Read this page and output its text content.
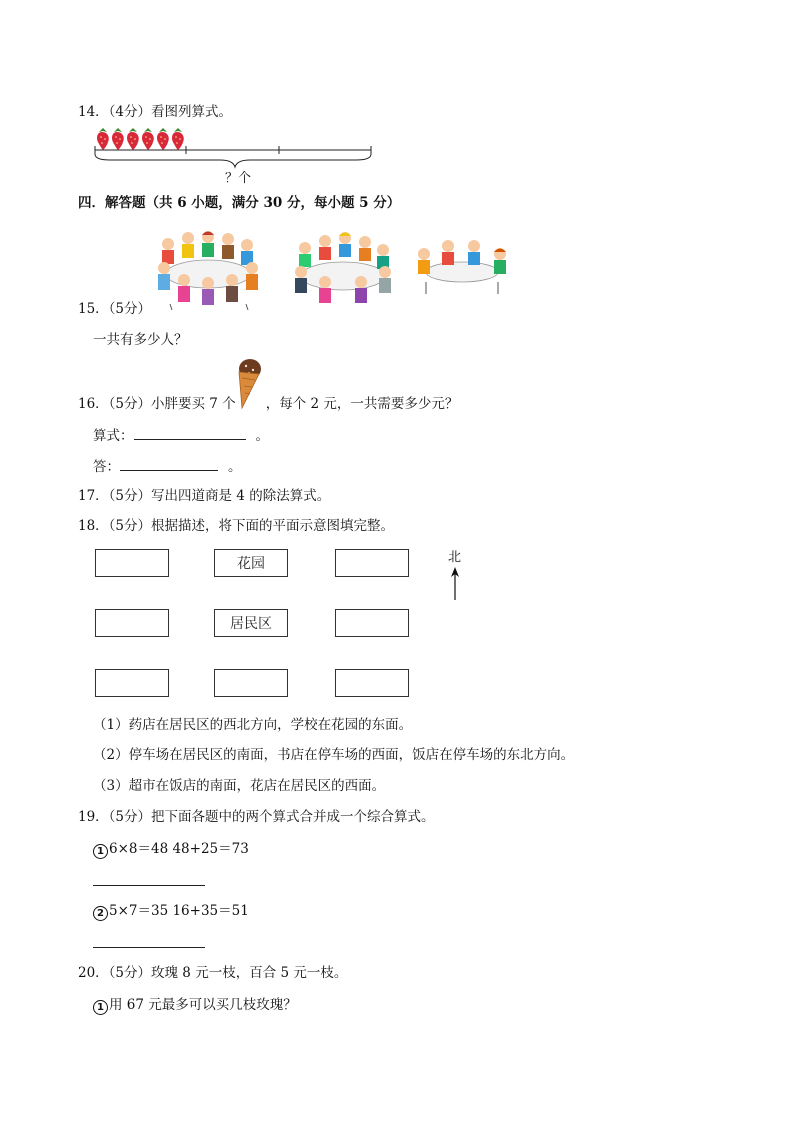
14．（4分）看图列算式。
？个
四．解答题（共 6 小题，满分 30 分，每小题 5 分）
15．（5分）
一共有多少人？
16．（5分）小胖要买 7 个 ，每个 2 元，一共需要多少元？
算式：	。
答：	。
17．（5分）写出四道商是 4 的除法算式。
18．（5分）根据描述，将下面的平面示意图填完整。
花园
居民区
北
（1）药店在居民区的西北方向，学校在花园的东面。
（2）停车场在居民区的南面，书店在停车场的西面，饭店在停车场的东北方向。
（3）超市在饭店的南面，花店在居民区的西面。
19．（5分）把下面各题中的两个算式合并成一个综合算式。
1 6×8＝48 48+25＝73
2 5×7＝35 16+35＝51
20．（5分）玫瑰 8 元一枝，百合 5 元一枝。
1 用 67 元最多可以买几枝玫瑰？
